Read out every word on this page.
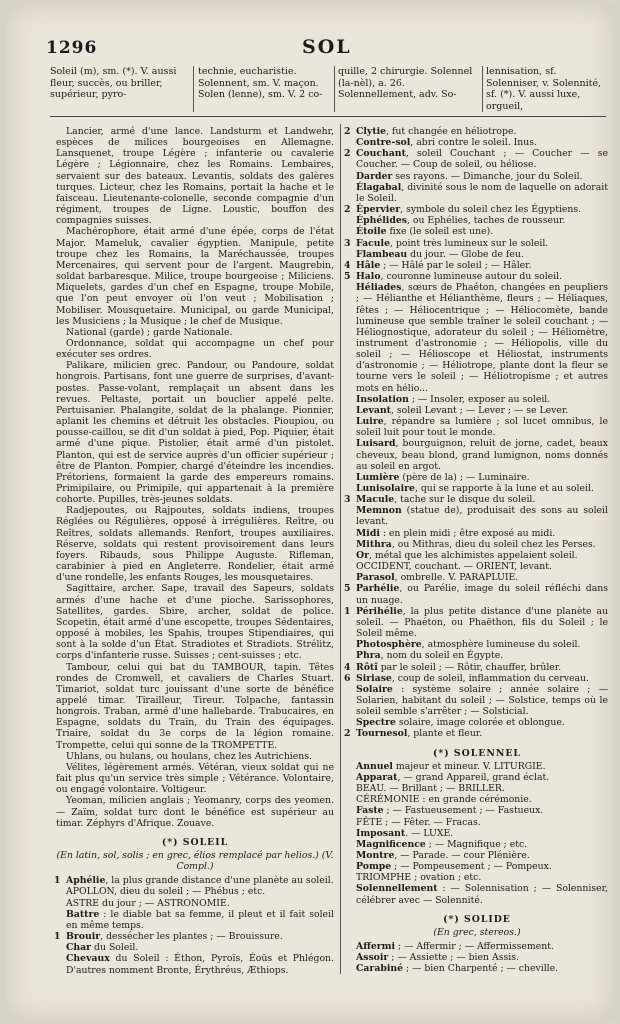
1296	SOL
Soleil (m), sm. (*). V. aussi fleur, succès, ou briller, supérieur, pyro-
technie, eucharistie. Solennent, sm. V. maçon. Solen (lenne), sm. V. 2 co-
quille, 2 chirurgie. Solennel (la-nèl), a. 26. Solennellement, adv. So-
lennisation, sf. Solenniser, v. Solennité, sf. (*). V. aussi luxe, orgueil,

Lancier, armé d'une lance. Landsturm et Landwehr, espèces de milices bourgeoises en Allemagne. Lansquenet, troupe Légère ; infanterie ou cavalerie Légère ; Légionnaire, chez les Romains. Lembaires, servaient sur des bateaux. Levantis, soldats des galères turques. Licteur, chez les Romains, portait la hache et le faisceau. Lieutenante-colonelle, seconde compagnie d'un régiment, troupes de Ligne. Loustic, bouffon des compagnies suisses.

Machérophore, était armé d'une épée, corps de l'état Major. Mameluk, cavalier égyptien. Manipule, petite troupe chez les Romains, la Maréchaussée, troupes Mercenaires, qui servent pour de l'argent. Maugrebin, soldat barbaresque. Milice, troupe bourgeoise ; Miliciens. Miquelets, gardes d'un chef en Espagne, troupe Mobile, que l'on peut envoyer où l'on veut ; Mobilisation ; Mobiliser. Mousquetaire. Municipal, ou garde Municipal, les Musiciens ; la Musique ; le chef de Musique.

National (garde) ; garde Nationale.

Ordonnance, soldat qui accompagne un chef pour exécuter ses ordres.

Palikare, milicien grec. Pandour, ou Pandoure, soldat hongrois. Partisans, font une guerre de surprises, d'avant-postes. Passe-volant, remplaçait un absent dans les revues. Peltaste, portait un bouclier appelé pelte. Pertuisanier. Phalangite, soldat de la phalange. Pionnier, aplanit les chemins et détruit les obstacles. Pioupiou, ou pousse-caillou, se dit d'un soldat à pied, Pop. Piquier, était armé d'une pique. Pistolier, était armé d'un pistolet. Planton, qui est de service auprès d'un officier supérieur ; être de Planton. Pompier, chargé d'éteindre les incendies. Prétoriens, formaient la garde des empereurs romains. Primipilaire, ou Primipile, qui appartenait à la première cohorte. Pupilles, très-jeunes soldats.

Radjepoutes, ou Rajpoutes, soldats indiens, troupes Réglées ou Régulières, opposé à irrégulières. Reître, ou Reîtres, soldats allemands. Renfort, troupes auxiliaires. Réserve, soldats qui restent provisoirement dans leurs foyers. Ribauds, sous Philippe Auguste. Rifleman, carabinier à pied en Angleterre. Rondelier, était armé d'une rondelle, les enfants Rouges, les mousquetaires.

Sagittaire, archer. Sape, travail des Sapeurs, soldats armés d'une hache et d'une pioche. Sarissophores, Satellites, gardes. Sbire, archer, soldat de police. Scopetin, était armé d'une escopette, troupes Sédentaires, opposé à mobiles, les Spahis, troupes Stipendiaires, qui sont à la solde d'un État. Stradiotes et Stradiots. Strélitz, corps d'infanterie russe. Suisses ; cent-suisses ; etc.

Tambour, celui qui bat du TAMBOUR, tapin. Têtes rondes de Cromwell, et cavaliers de Charles Stuart. Timariot, soldat turc jouissant d'une sorte de bénéfice appelé timar. Tirailleur, Tireur. Tolpache, fantassin hongrois. Traban, armé d'une hallebarde. Trabucaires, en Espagne, soldats du Train, du Train des équipages. Triaire, soldat du 3e corps de la légion romaine. Trompette, celui qui sonne de la TROMPETTE.

Uhlans, ou hulans, ou houlans, chez les Autrichiens.

Vélites, légèrement armés. Vétéran, vieux soldat qui ne fait plus qu'un service très simple ; Vétérance. Volontaire, ou engagé volontaire. Voltigeur.

Yeoman, milicien anglais ; Yeomanry, corps des yeomen. — Zaïm, soldat turc dont le bénéfice est supérieur au timar. Zéphyrs d'Afrique. Zouave.

(*) SOLEIL
(En latin, sol, solis ; en grec, élios remplacé par helios.) (V. Compl.)

1 Aphélie, la plus grande distance d'une planète au soleil.

APOLLON, dieu du soleil ; — Phébus ; etc.

ASTRE du jour ; — ASTRONOMIE.

Battre : le diable bat sa femme, il pleut et il fait soleil en même temps.

1 Brouir, dessécher les plantes ; — Brouissure.

Char du Soleil.

Chevaux du Soleil : Éthon, Pyroïs, Éoüs et Phlégon. D'autres nomment Bronte, Érythréus, Æthiops.

2 Clytie, fut changée en héliotrope.

Contre-sol, abri contre le soleil. Inus.

2 Couchant, soleil Couchant ; — Coucher — se Coucher. — Coup de soleil, ou héliose.

Darder ses rayons. — Dimanche, jour du Soleil.

Élagabal, divinité sous le nom de laquelle on adorait le Soleil.

2 Épervier, symbole du soleil chez les Égyptiens.

Éphélides, ou Ephélies, taches de rousseur.

Étoile fixe (le soleil est une).

3 Facule, point très lumineux sur le soleil.

Flambeau du jour. — Globe de feu.

4 Hâle ; — Hâlé par le soleil ; — Hâler.

5 Halo, couronne lumineuse autour du soleil.

Héliades, sœurs de Phaéton, changées en peupliers ; — Hélianthe et Hélianthème, fleurs ; — Héliaques, fêtes ; — Héliocentrique ; — Héliocomète, bande lumineuse que semble traîner le soleil couchant ; — Héliognostique, adorateur du soleil ; — Héliomètre, instrument d'astronomie ; — Héliopolis, ville du soleil ; — Hélioscope et Héliostat, instruments d'astronomie ; — Héliotrope, plante dont la fleur se tourne vers le soleil ; — Héliotropisme ; et autres mots en hélio...

Insolation ; — Insoler, exposer au soleil.

Levant, soleil Levant ; — Lever ; — se Lever.

Luire, répandre sa lumière ; sol lucet omnibus, le soleil luit pour tout le monde.

Luisard, bourguignon, reluit de jorne, cadet, beaux cheveux, beau blond, grand lumignon, noms donnés au soleil en argot.

Lumière (père de la) ; — Luminaire.

Lunisolaire, qui se rapporte à la lune et au soleil.

3 Macule, tache sur le disque du soleil.

Memnon (statue de), produisait des sons au soleil levant.

Midi : en plein midi ; être exposé au midi.

Mithra, ou Mithras, dieu du soleil chez les Perses.

Or, métal que les alchimistes appelaient soleil.

OCCIDENT, couchant. — ORIENT, levant.

Parasol, ombrelle. V. PARAPLUIE.

5 Parhélie, ou Parélie, image du soleil réfléchi dans un nuage.

1 Périhélie, la plus petite distance d'une planète au soleil. — Phaéton, ou Phaëthon, fils du Soleil ; le Soleil même.

Photosphère, atmosphère lumineuse du soleil.

Phra, nom du soleil en Égypte.

4 Rôtî par le soleil ; — Rôtir, chauffer, brûler.

6 Siriase, coup de soleil, inflammation du cerveau.

Solaire : système solaire ; année solaire ; — Solarien, habitant du soleil ; — Solstice, temps où le soleil semble s'arrêter ; — Solsticial.

Spectre solaire, image colorée et oblongue.

2 Tournesol, plante et fleur.

(*) SOLENNEL

Annuel majeur et mineur. V. LITURGIE.

Apparat, — grand Appareil, grand éclat.

BEAU. — Brillant ; — BRILLER.

CÉRÉMONIE : en grande cérémonie.

Faste ; — Fastueusement ; — Fastueux.

FÊTE ; — Fêter. — Fracas.

Imposant. — LUXE.

Magnificence ; — Magnifique ; etc.

Montre, — Parade. — cour Plénière.

Pompe ; — Pompeusement ; — Pompeux.

TRIOMPHE ; ovation ; etc.

Solennellement : — Solennisation ; — Solenniser, célébrer avec — Solennité.

(*) SOLIDE
(En grec, stereos.)

Affermi ; — Affermir ; — Affermissement.

Assoir ; — Assiette ; — bien Assis.

Carabiné ; — bien Charpenté ; — cheville.
